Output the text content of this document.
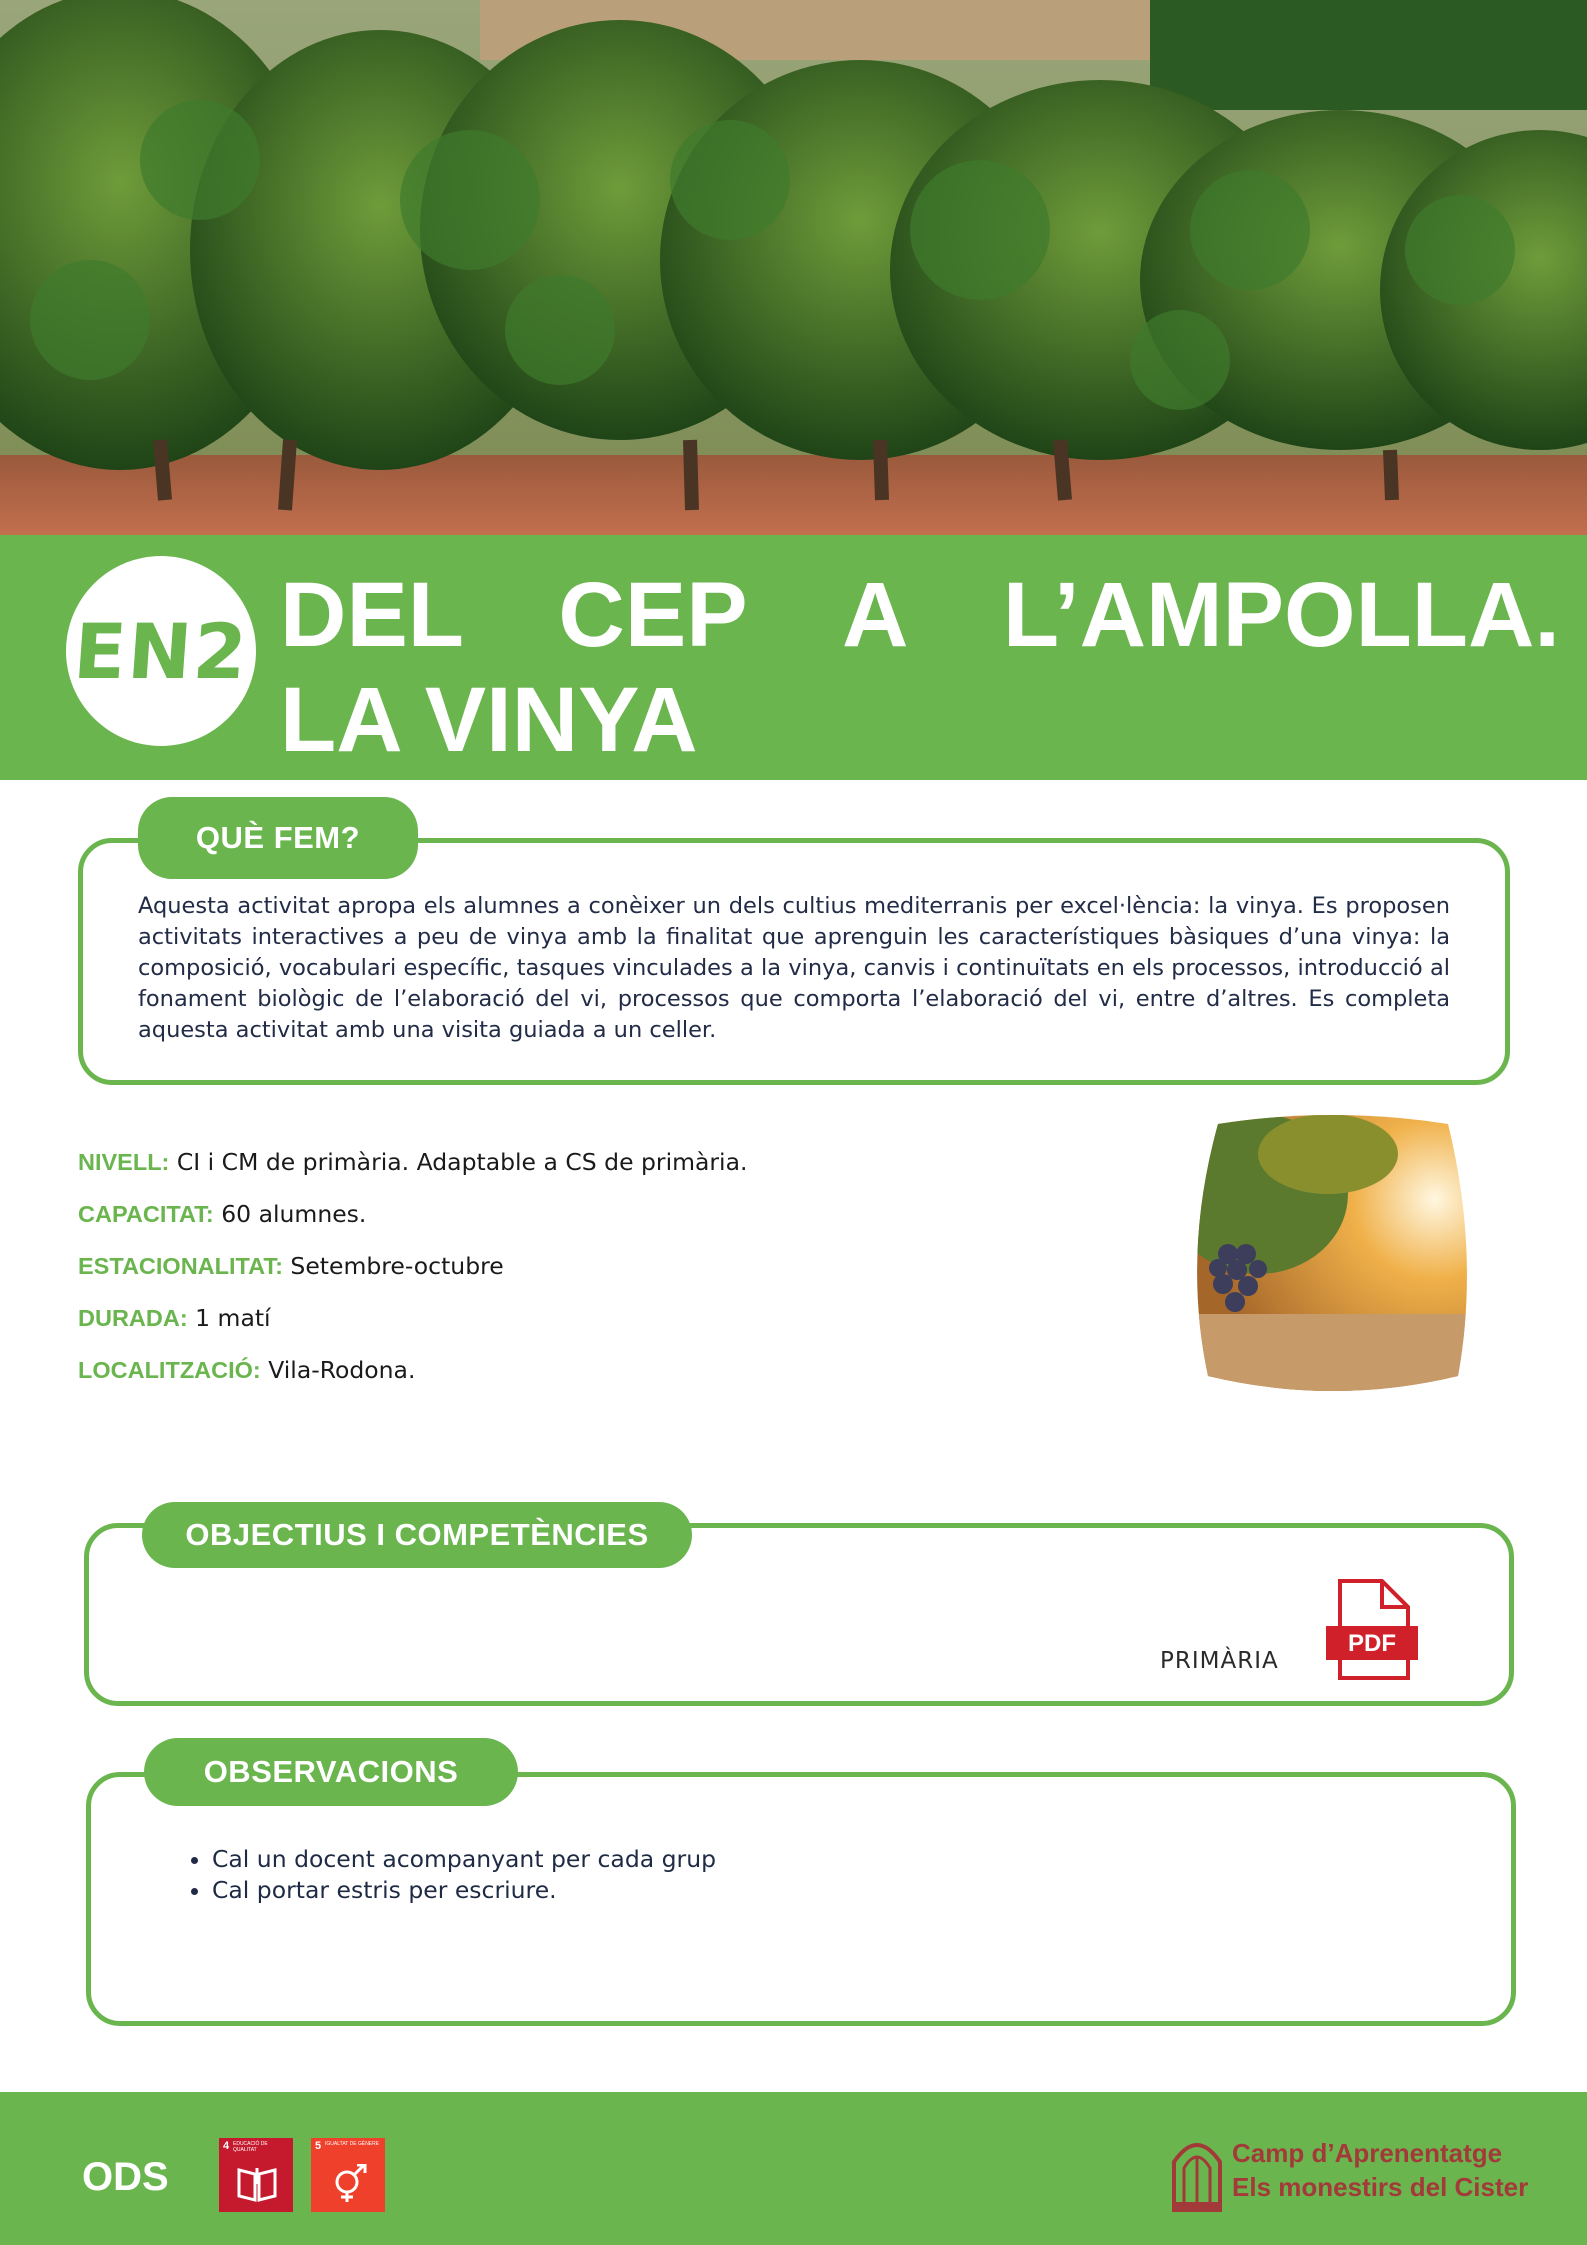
EN2 DEL CEP A L’AMPOLLA.
LA VINYA
QUÈ FEM?
Aquesta activitat apropa els alumnes a conèixer un dels cultius mediterranis per excel·lència: la vinya. Es proposen activitats interactives a peu de vinya amb la finalitat que aprenguin les característiques bàsiques d’una vinya: la composició, vocabulari específic, tasques vinculades a la vinya, canvis i continuïtats en els processos, introducció al fonament biològic de l’elaboració del vi, processos que comporta l’elaboració del vi, entre d’altres. Es completa aquesta activitat amb una visita guiada a un celler.
NIVELL: CI i CM de primària. Adaptable a CS de primària.
CAPACITAT: 60 alumnes.
ESTACIONALITAT: Setembre-octubre
DURADA: 1 matí
LOCALITZACIÓ: Vila-Rodona.
OBJECTIUS I COMPETÈNCIES
PRIMÀRIA
PDF
OBSERVACIONS
• Cal un docent acompanyant per cada grup
• Cal portar estris per escriure.
ODS
4 EDUCACIÓ DE QUALITAT	5 IGUALTAT DE GÈNERE	Camp d’Aprenentatge
Els monestirs del Cister
